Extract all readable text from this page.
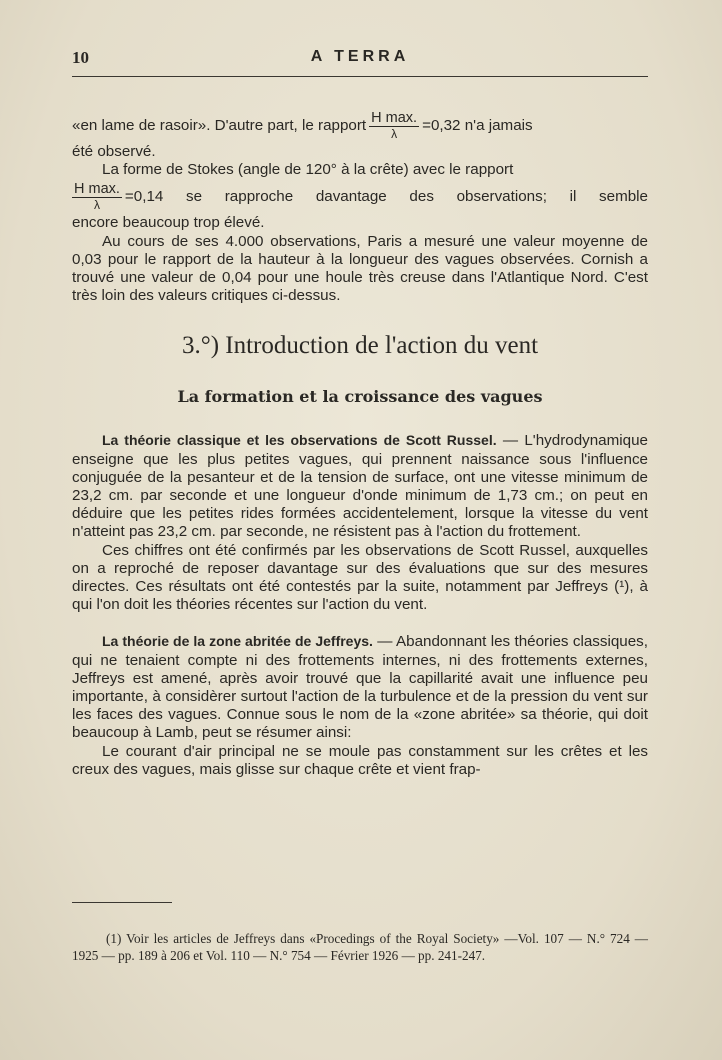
10	A TERRA
«en lame de rasoir». D'autre part, le rapport $\frac{\text{H max.}}{\lambda} =0,32$ n'a jamais

été observé.

La forme de Stokes (angle de 120° à la crête) avec le rapport

$\frac{\text{H max.}}{\lambda} =0,14$ se rapproche davantage des observations; il semble

encore beaucoup trop élevé.

Au cours de ses 4.000 observations, Paris a mesuré une valeur moyenne de 0,03 pour le rapport de la hauteur à la longueur des vagues observées. Cornish a trouvé une valeur de 0,04 pour une houle très creuse dans l'Atlantique Nord. C'est très loin des valeurs critiques ci-dessus.

3.°) Introduction de l'action du vent
La formation et la croissance des vagues

La théorie classique et les observations de Scott Russel. — L'hydrodynamique enseigne que les plus petites vagues, qui prennent naissance sous l'influence conjuguée de la pesanteur et de la tension de surface, ont une vitesse minimum de 23,2 cm. par seconde et une longueur d'onde minimum de 1,73 cm.; on peut en déduire que les petites rides formées accidentelement, lorsque la vitesse du vent n'atteint pas 23,2 cm. par seconde, ne résistent pas à l'action du frottement.

Ces chiffres ont été confirmés par les observations de Scott Russel, auxquelles on a reproché de reposer davantage sur des évaluations que sur des mesures directes. Ces résultats ont été contestés par la suite, notamment par Jeffreys (¹), à qui l'on doit les théories récentes sur l'action du vent.

La théorie de la zone abritée de Jeffreys. — Abandonnant les théories classiques, qui ne tenaient compte ni des frottements internes, ni des frottements externes, Jeffreys est amené, après avoir trouvé que la capillarité avait une influence peu importante, à considèrer surtout l'action de la turbulence et de la pression du vent sur les faces des vagues. Connue sous le nom de la «zone abritée» sa théorie, qui doit beaucoup à Lamb, peut se résumer ainsi:

Le courant d'air principal ne se moule pas constamment sur les crêtes et les creux des vagues, mais glisse sur chaque crête et vient frap-

(1) Voir les articles de Jeffreys dans «Procedings of the Royal Society» —Vol. 107 — N.° 724 — 1925 — pp. 189 à 206 et Vol. 110 — N.° 754 — Février 1926 — pp. 241-247.
